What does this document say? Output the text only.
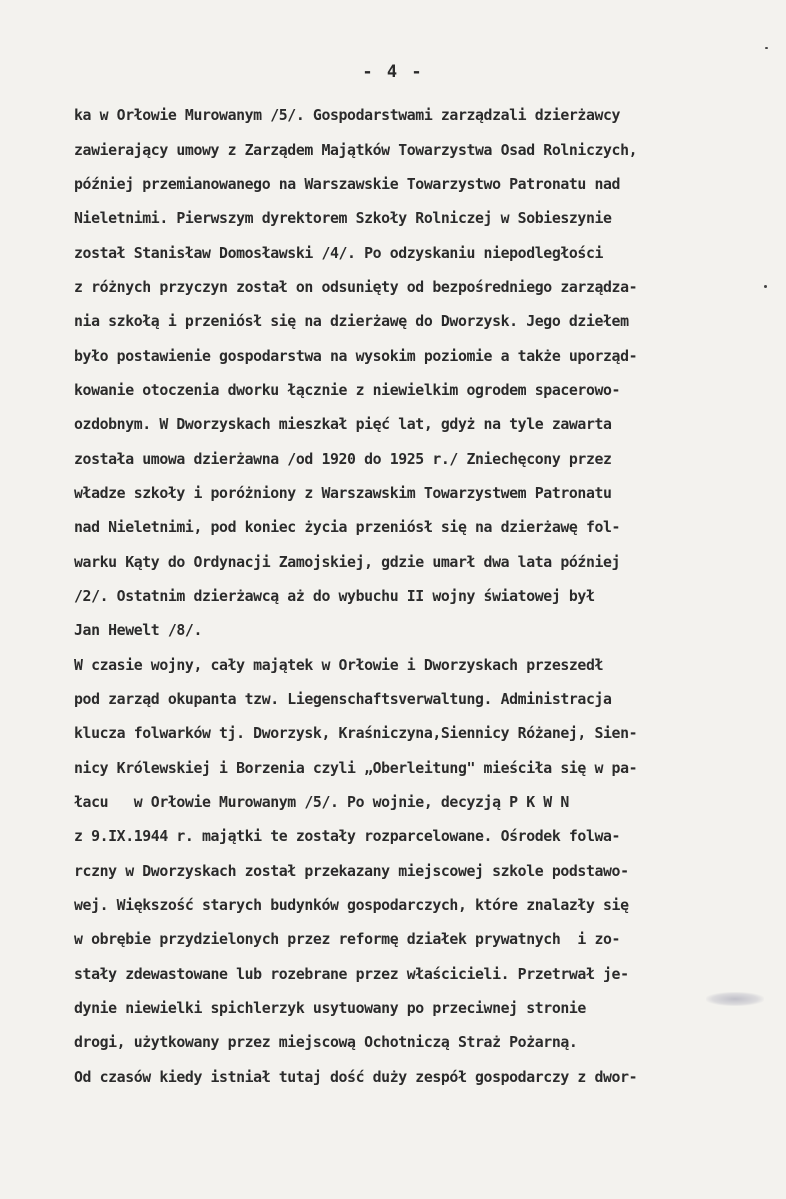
- 4 -
ka w Orłowie Murowanym /5/. Gospodarstwami zarządzali dzierżawcy
zawierający umowy z Zarządem Majątków Towarzystwa Osad Rolniczych,
później przemianowanego na Warszawskie Towarzystwo Patronatu nad
Nieletnimi. Pierwszym dyrektorem Szkoły Rolniczej w Sobieszynie
został Stanisław Domosławski /4/. Po odzyskaniu niepodległości
z różnych przyczyn został on odsunięty od bezpośredniego zarządza-
nia szkołą i przeniósł się na dzierżawę do Dworzysk. Jego dziełem
było postawienie gospodarstwa na wysokim poziomie a także uporząd-
kowanie otoczenia dworku łącznie z niewielkim ogrodem spacerowo-
ozdobnym. W Dworzyskach mieszkał pięć lat, gdyż na tyle zawarta
została umowa dzierżawna /od 1920 do 1925 r./ Zniechęcony przez
władze szkoły i poróżniony z Warszawskim Towarzystwem Patronatu
nad Nieletnimi, pod koniec życia przeniósł się na dzierżawę fol-
warku Kąty do Ordynacji Zamojskiej, gdzie umarł dwa lata później
/2/. Ostatnim dzierżawcą aż do wybuchu II wojny światowej był
Jan Hewelt /8/.
W czasie wojny, cały majątek w Orłowie i Dworzyskach przeszedł
pod zarząd okupanta tzw. Liegenschaftsverwaltung. Administracja
klucza folwarków tj. Dworzysk, Kraśniczyna,Siennicy Różanej, Sien-
nicy Królewskiej i Borzenia czyli „Oberleitung" mieściła się w pa-
łacu   w Orłowie Murowanym /5/. Po wojnie, decyzją P K W N
z 9.IX.1944 r. majątki te zostały rozparcelowane. Ośrodek folwa-
rczny w Dworzyskach został przekazany miejscowej szkole podstawo-
wej. Większość starych budynków gospodarczych, które znalazły się
w obrębie przydzielonych przez reformę działek prywatnych  i zo-
stały zdewastowane lub rozebrane przez właścicieli. Przetrwał je-
dynie niewielki spichlerzyk usytuowany po przeciwnej stronie
drogi, użytkowany przez miejscową Ochotniczą Straż Pożarną.
Od czasów kiedy istniał tutaj dość duży zespół gospodarczy z dwor-
